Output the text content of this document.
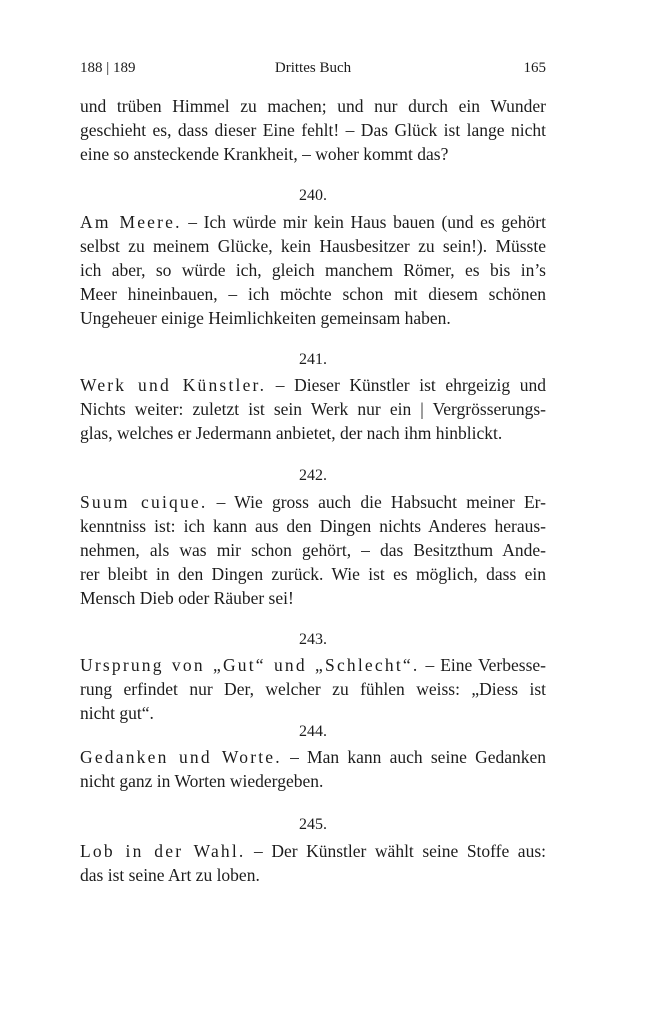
188 | 189	Drittes Buch	165
und trüben Himmel zu machen; und nur durch ein Wunder
geschieht es, dass dieser Eine fehlt! – Das Glück ist lange nicht
eine so ansteckende Krankheit, – woher kommt das?
240.
Am Meere. – Ich würde mir kein Haus bauen (und es gehört
selbst zu meinem Glücke, kein Hausbesitzer zu sein!). Müsste
ich aber, so würde ich, gleich manchem Römer, es bis in’s
Meer hineinbauen, – ich möchte schon mit diesem schönen
Ungeheuer einige Heimlichkeiten gemeinsam haben.
241.
Werk und Künstler. – Dieser Künstler ist ehrgeizig und
Nichts weiter: zuletzt ist sein Werk nur ein | Vergrösserungs-
glas, welches er Jedermann anbietet, der nach ihm hinblickt.
242.
Suum cuique. – Wie gross auch die Habsucht meiner Er-
kenntniss ist: ich kann aus den Dingen nichts Anderes heraus-
nehmen, als was mir schon gehört, – das Besitzthum Ande-
rer bleibt in den Dingen zurück. Wie ist es möglich, dass ein
Mensch Dieb oder Räuber sei!
243.
Ursprung von „Gut“ und „Schlecht“. – Eine Verbesse-
rung erfindet nur Der, welcher zu fühlen weiss: „Diess ist
nicht gut“.
244.
Gedanken und Worte. – Man kann auch seine Gedanken
nicht ganz in Worten wiedergeben.
245.
Lob in der Wahl. – Der Künstler wählt seine Stoffe aus:
das ist seine Art zu loben.
